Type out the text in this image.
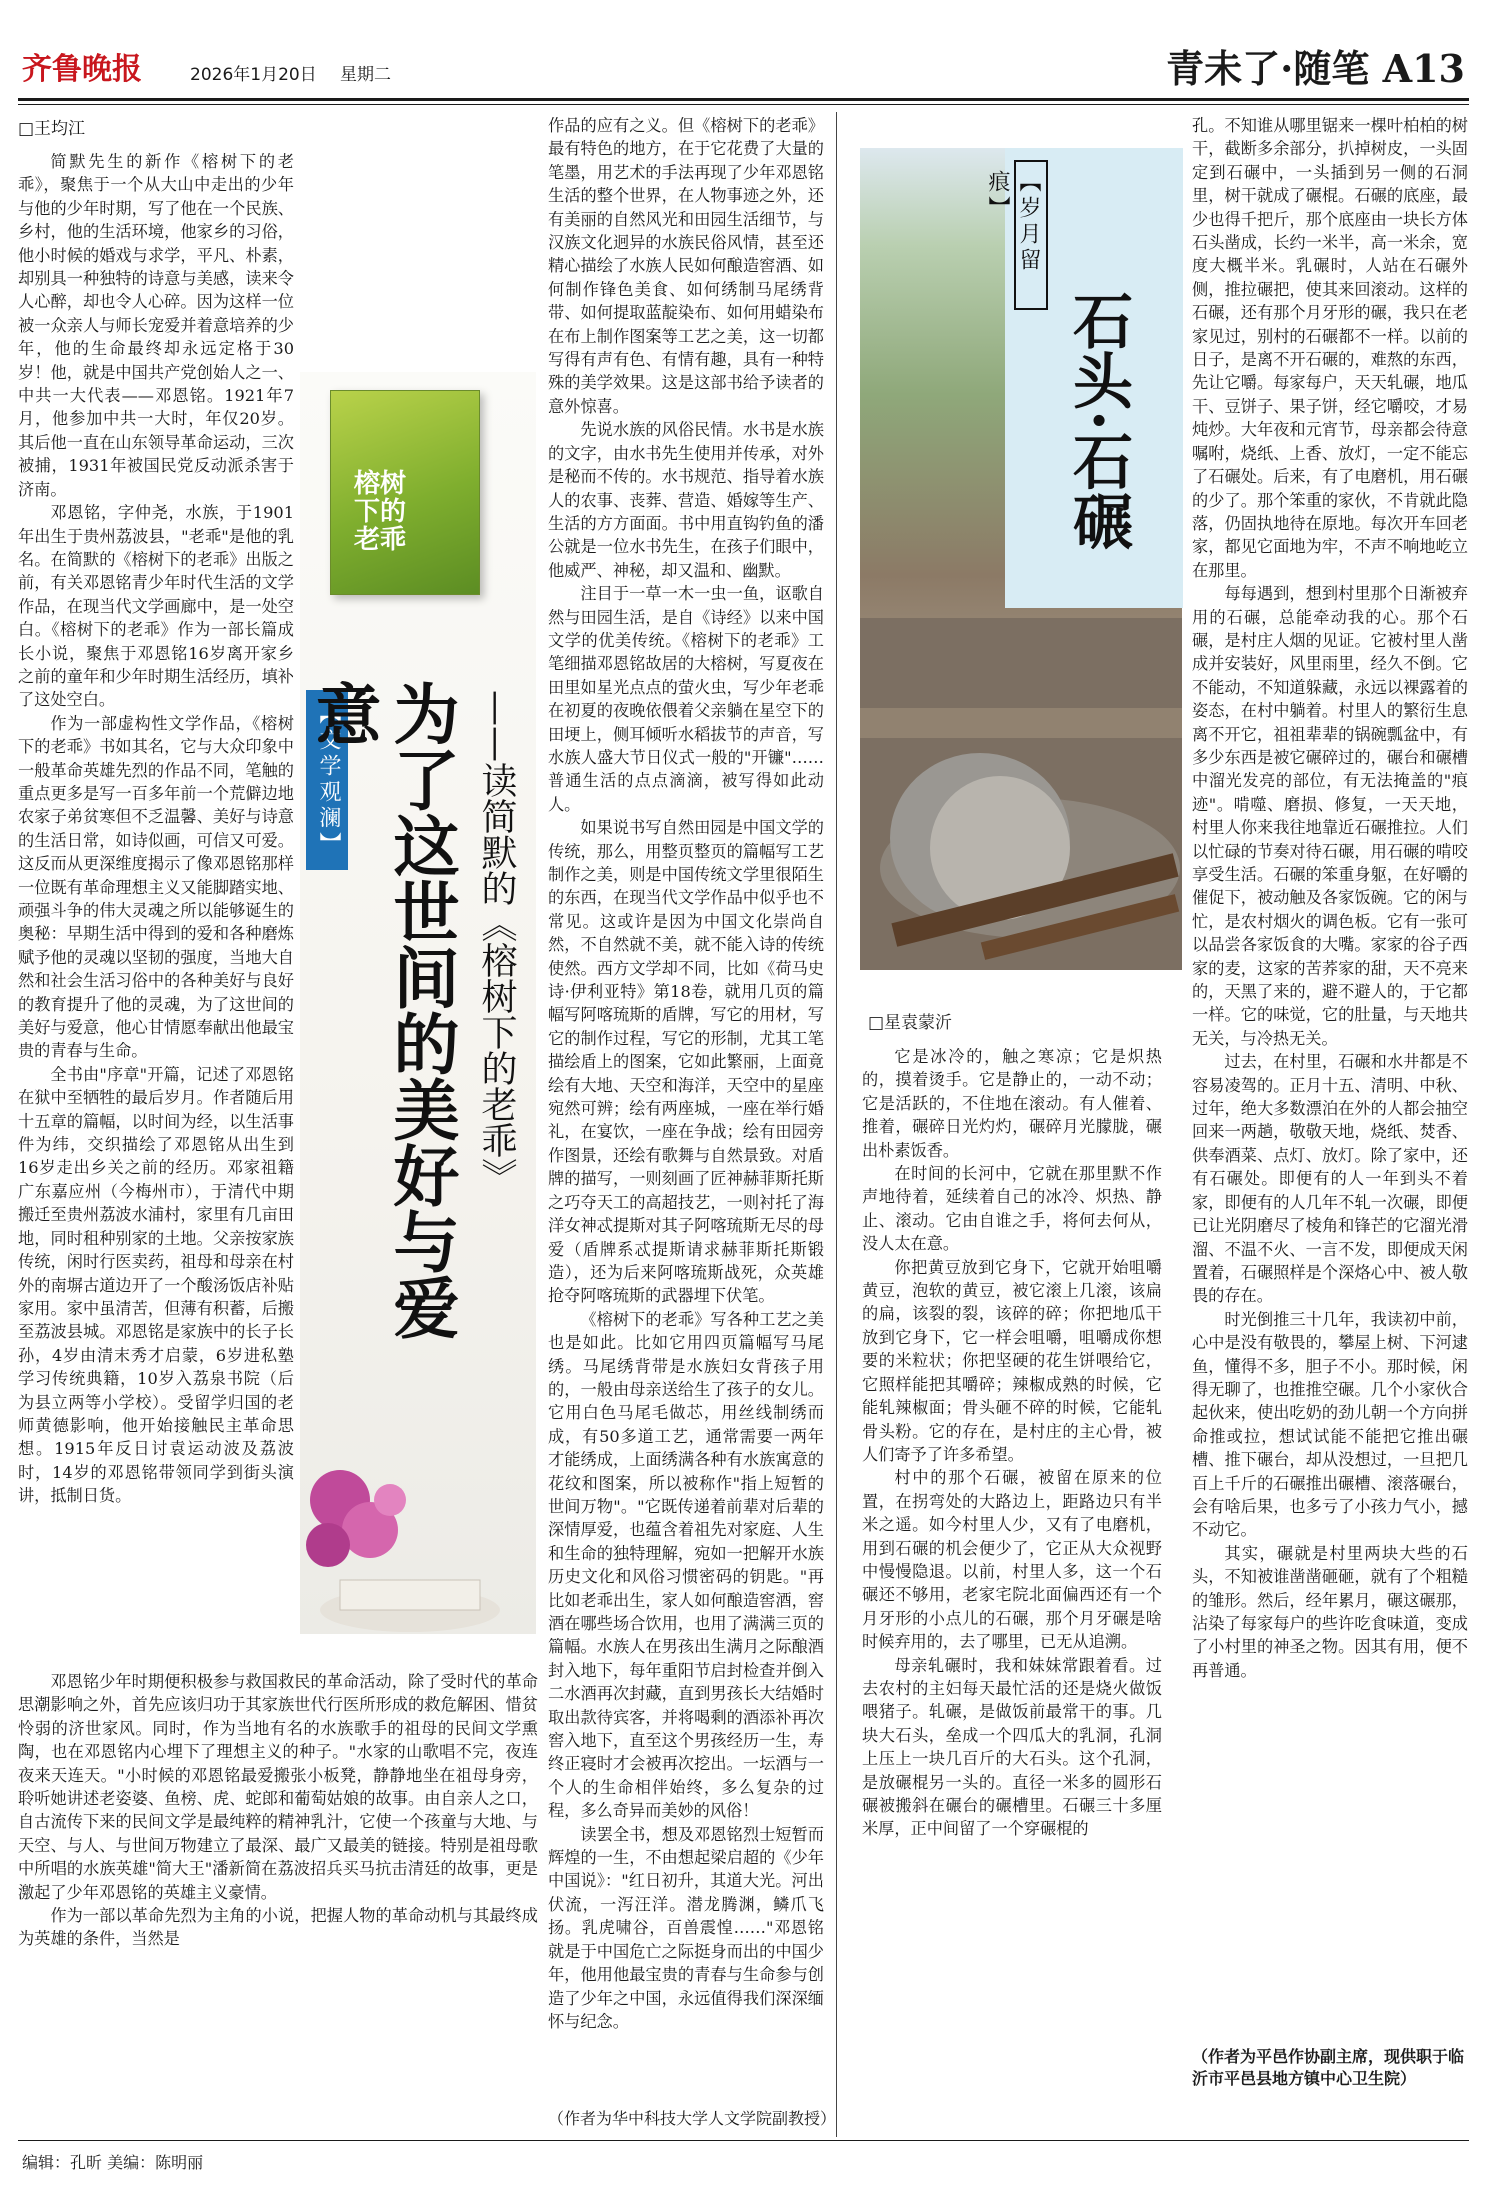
齐鲁晚报	2026年1月20日 星期二	青未了·随笔 A13
□王均江

简默先生的新作《榕树下的老乖》，聚焦于一个从大山中走出的少年与他的少年时期，写了他在一个民族、乡村，他的生活环境，他家乡的习俗，他小时候的婚戏与求学，平凡、朴素，却别具一种独特的诗意与美感，读来令人心醉，却也令人心碎。因为这样一位被一众亲人与师长宠爱并着意培养的少年，他的生命最终却永远定格于30岁！他，就是中国共产党创始人之一、中共一大代表——邓恩铭。1921年7月，他参加中共一大时，年仅20岁。其后他一直在山东领导革命运动，三次被捕，1931年被国民党反动派杀害于济南。

邓恩铭，字仲尧，水族，于1901年出生于贵州荔波县，"老乖"是他的乳名。在简默的《榕树下的老乖》出版之前，有关邓恩铭青少年时代生活的文学作品，在现当代文学画廊中，是一处空白。《榕树下的老乖》作为一部长篇成长小说，聚焦于邓恩铭16岁离开家乡之前的童年和少年时期生活经历，填补了这处空白。

作为一部虚构性文学作品，《榕树下的老乖》书如其名，它与大众印象中一般革命英雄先烈的作品不同，笔触的重点更多是写一百多年前一个荒僻边地农家子弟贫寒但不乏温馨、美好与诗意的生活日常，如诗似画，可信又可爱。这反而从更深维度揭示了像邓恩铭那样一位既有革命理想主义又能脚踏实地、顽强斗争的伟大灵魂之所以能够诞生的奥秘：早期生活中得到的爱和各种磨炼赋予他的灵魂以坚韧的强度，当地大自然和社会生活习俗中的各种美好与良好的教育提升了他的灵魂，为了这世间的美好与爱意，他心甘情愿奉献出他最宝贵的青春与生命。

全书由"序章"开篇，记述了邓恩铭在狱中至牺牲的最后岁月。作者随后用十五章的篇幅，以时间为经，以生活事件为纬，交织描绘了邓恩铭从出生到16岁走出乡关之前的经历。邓家祖籍广东嘉应州（今梅州市），于清代中期搬迁至贵州荔波水浦村，家里有几亩田地，同时租种别家的土地。父亲按家族传统，闲时行医卖药，祖母和母亲在村外的南塀古道边开了一个酸汤饭店补贴家用。家中虽清苦，但薄有积蓄，后搬至荔波县城。邓恩铭是家族中的长子长孙，4岁由清末秀才启蒙，6岁进私塾学习传统典籍，10岁入荔泉书院（后为县立两等小学校）。受留学归国的老师黄德影响，他开始接触民主革命思想。1915年反日讨袁运动波及荔波时，14岁的邓恩铭带领同学到街头演讲，抵制日货。

邓恩铭少年时期便积极参与救国救民的革命活动，除了受时代的革命思潮影响之外，首先应该归功于其家族世代行医所形成的救危解困、惜贫怜弱的济世家风。同时，作为当地有名的水族歌手的祖母的民间文学熏陶，也在邓恩铭内心埋下了理想主义的种子。"水家的山歌唱不完，夜连夜来天连天。"小时候的邓恩铭最爱搬张小板凳，静静地坐在祖母身旁，聆听她讲述老姿婆、鱼榜、虎、蛇郎和葡萄姑娘的故事。由自亲人之口，自古流传下来的民间文学是最纯粹的精神乳汁，它使一个孩童与大地、与天空、与人、与世间万物建立了最深、最广又最美的链接。特别是祖母歌中所唱的水族英雄"简大王"潘新简在荔波招兵买马抗击清廷的故事，更是激起了少年邓恩铭的英雄主义豪情。

作为一部以革命先烈为主角的小说，把握人物的革命动机与其最终成为英雄的条件，当然是

榕树下的老乖
【文学观澜】 为了这世间的美好与爱意	——读简默的《榕树下的老乖》

作品的应有之义。但《榕树下的老乖》最有特色的地方，在于它花费了大量的笔墨，用艺术的手法再现了少年邓恩铭生活的整个世界，在人物事迹之外，还有美丽的自然风光和田园生活细节，与汉族文化迥异的水族民俗风情，甚至还精心描绘了水族人民如何酿造窖酒、如何制作锋色美食、如何绣制马尾绣背带、如何提取蓝靛染布、如何用蜡染布在布上制作图案等工艺之美，这一切都写得有声有色、有情有趣，具有一种特殊的美学效果。这是这部书给予读者的意外惊喜。

先说水族的风俗民情。水书是水族的文字，由水书先生使用并传承，对外是秘而不传的。水书规范、指导着水族人的农事、丧葬、营造、婚嫁等生产、生活的方方面面。书中用直钩钓鱼的潘公就是一位水书先生，在孩子们眼中，他威严、神秘，却又温和、幽默。

注目于一草一木一虫一鱼，讴歌自然与田园生活，是自《诗经》以来中国文学的优美传统。《榕树下的老乖》工笔细描邓恩铭故居的大榕树，写夏夜在田里如星光点点的萤火虫，写少年老乖在初夏的夜晚依偎着父亲躺在星空下的田埂上，侧耳倾听水稻拔节的声音，写水族人盛大节日仪式一般的"开镰"……普通生活的点点滴滴，被写得如此动人。

如果说书写自然田园是中国文学的传统，那么，用整页整页的篇幅写工艺制作之美，则是中国传统文学里很陌生的东西，在现当代文学作品中似乎也不常见。这或许是因为中国文化崇尚自然，不自然就不美，就不能入诗的传统使然。西方文学却不同，比如《荷马史诗·伊利亚特》第18卷，就用几页的篇幅写阿喀琉斯的盾牌，写它的用材，写它的制作过程，写它的形制，尤其工笔描绘盾上的图案，它如此繁丽，上面竟绘有大地、天空和海洋，天空中的星座宛然可辨；绘有两座城，一座在举行婚礼，在宴饮，一座在争战；绘有田园旁作图景，还绘有歌舞与自然景致。对盾牌的描写，一则刻画了匠神赫菲斯托斯之巧夺天工的高超技艺，一则衬托了海洋女神忒提斯对其子阿喀琉斯无尽的母爱（盾牌系忒提斯请求赫菲斯托斯锻造），还为后来阿喀琉斯战死，众英雄抢夺阿喀琉斯的武器埋下伏笔。

《榕树下的老乖》写各种工艺之美也是如此。比如它用四页篇幅写马尾绣。马尾绣背带是水族妇女背孩子用的，一般由母亲送给生了孩子的女儿。它用白色马尾毛做芯，用丝线制绣而成，有50多道工艺，通常需要一两年才能绣成，上面绣满各种有水族寓意的花纹和图案，所以被称作"指上短暂的世间万物"。"它既传递着前辈对后辈的深情厚爱，也蕴含着祖先对家庭、人生和生命的独特理解，宛如一把解开水族历史文化和风俗习惯密码的钥匙。"再比如老乖出生，家人如何酿造窖酒，窖酒在哪些场合饮用，也用了满满三页的篇幅。水族人在男孩出生满月之际酿酒封入地下，每年重阳节启封检查并倒入二水酒再次封藏，直到男孩长大结婚时取出款待宾客，并将喝剩的酒添补再次窖入地下，直至这个男孩经历一生，寿终正寝时才会被再次挖出。一坛酒与一个人的生命相伴始终，多么复杂的过程，多么奇异而美妙的风俗！

读罢全书，想及邓恩铭烈士短暂而辉煌的一生，不由想起梁启超的《少年中国说》："红日初升，其道大光。河出伏流，一泻汪洋。潜龙腾渊，鳞爪飞扬。乳虎啸谷，百兽震惶……"邓恩铭就是于中国危亡之际挺身而出的中国少年，他用他最宝贵的青春与生命参与创造了少年之中国，永远值得我们深深缅怀与纪念。

（作者为华中科技大学人文学院副教授）
【岁月留痕】
石头·石碾
□星袁蒙沂

它是冰冷的，触之寒凉；它是炽热的，摸着烫手。它是静止的，一动不动；它是活跃的，不住地在滚动。有人催着、推着，碾碎日光灼灼，碾碎月光朦胧，碾出朴素饭香。

在时间的长河中，它就在那里默不作声地待着，延续着自己的冰冷、炽热、静止、滚动。它由自谁之手，将何去何从，没人太在意。

你把黄豆放到它身下，它就开始咀嚼黄豆，泡软的黄豆，被它滚上几滚，该扁的扁，该裂的裂，该碎的碎；你把地瓜干放到它身下，它一样会咀嚼，咀嚼成你想要的米粒状；你把坚硬的花生饼喂给它，它照样能把其嚼碎；辣椒成熟的时候，它能轧辣椒面；骨头砸不碎的时候，它能轧骨头粉。它的存在，是村庄的主心骨，被人们寄予了许多希望。

村中的那个石碾，被留在原来的位置，在拐弯处的大路边上，距路边只有半米之遥。如今村里人少，又有了电磨机，用到石碾的机会便少了，它正从大众视野中慢慢隐退。以前，村里人多，这一个石碾还不够用，老家宅院北面偏西还有一个月牙形的小点儿的石碾，那个月牙碾是啥时候弃用的，去了哪里，已无从追溯。

母亲轧碾时，我和妹妹常跟着看。过去农村的主妇每天最忙活的还是烧火做饭喂猪子。轧碾，是做饭前最常干的事。几块大石头，垒成一个四瓜大的乳洞，孔洞上压上一块几百斤的大石头。这个孔洞，是放碾棍另一头的。直径一米多的圆形石碾被搬斜在碾台的碾槽里。石碾三十多厘米厚，正中间留了一个穿碾棍的

孔。不知谁从哪里锯来一棵叶柏柏的树干，截断多余部分，扒掉树皮，一头固定到石碾中，一头插到另一侧的石洞里，树干就成了碾棍。石碾的底座，最少也得千把斤，那个底座由一块长方体石头凿成，长约一米半，高一米余，宽度大概半米。乳碾时，人站在石碾外侧，推拉碾把，使其来回滚动。这样的石碾，还有那个月牙形的碾，我只在老家见过，别村的石碾都不一样。以前的日子，是离不开石碾的，难熬的东西，先让它嚼。每家每户，天天轧碾，地瓜干、豆饼子、果子饼，经它嚼咬，才易炖炒。大年夜和元宵节，母亲都会待意嘱咐，烧纸、上香、放灯，一定不能忘了石碾处。后来，有了电磨机，用石碾的少了。那个笨重的家伙，不肯就此隐落，仍固执地待在原地。每次开车回老家，都见它面地为牢，不声不响地屹立在那里。

每每遇到，想到村里那个日渐被弃用的石碾，总能牵动我的心。那个石碾，是村庄人烟的见证。它被村里人凿成并安装好，风里雨里，经久不倒。它不能动，不知道躲藏，永远以裸露着的姿态，在村中躺着。村里人的繁衍生息离不开它，祖祖辈辈的锅碗瓢盆中，有多少东西是被它碾碎过的，碾台和碾槽中溜光发亮的部位，有无法掩盖的"痕迹"。啃噬、磨损、修复，一天天地，村里人你来我往地靠近石碾推拉。人们以忙碌的节奏对待石碾，用石碾的啃咬享受生活。石碾的笨重身躯，在好嚼的催促下，被动触及各家饭碗。它的闲与忙，是农村烟火的调色板。它有一张可以品尝各家饭食的大嘴。家家的谷子西家的麦，这家的苦荞家的甜，天不亮来的，天黑了来的，避不避人的，于它都一样。它的味觉，它的肚量，与天地共无关，与冷热无关。

过去，在村里，石碾和水井都是不容易凌驾的。正月十五、清明、中秋、过年，绝大多数漂泊在外的人都会抽空回来一两趟，敬敬天地，烧纸、焚香、供奉酒菜、点灯、放灯。除了家中，还有石碾处。即便有的人一年到头不着家，即便有的人几年不轧一次碾，即便已让光阴磨尽了棱角和锋芒的它溜光滑溜、不温不火、一言不发，即便成天闲置着，石碾照样是个深烙心中、被人敬畏的存在。

时光倒推三十几年，我读初中前，心中是没有敬畏的，攀屋上树、下河逮鱼，懂得不多，胆子不小。那时候，闲得无聊了，也推推空碾。几个小家伙合起伙来，使出吃奶的劲儿朝一个方向拼命推或拉，想试试能不能把它推出碾槽、推下碾台，却从没想过，一旦把几百上千斤的石碾推出碾槽、滚落碾台，会有啥后果，也多亏了小孩力气小，撼不动它。

其实，碾就是村里两块大些的石头，不知被谁凿凿砸砸，就有了个粗糙的雏形。然后，经年累月，碾这碾那，沾染了每家每户的些许吃食味道，变成了小村里的神圣之物。因其有用，便不再普通。

（作者为平邑作协副主席，现供职于临沂市平邑县地方镇中心卫生院）
编辑：孔昕 美编：陈明丽
